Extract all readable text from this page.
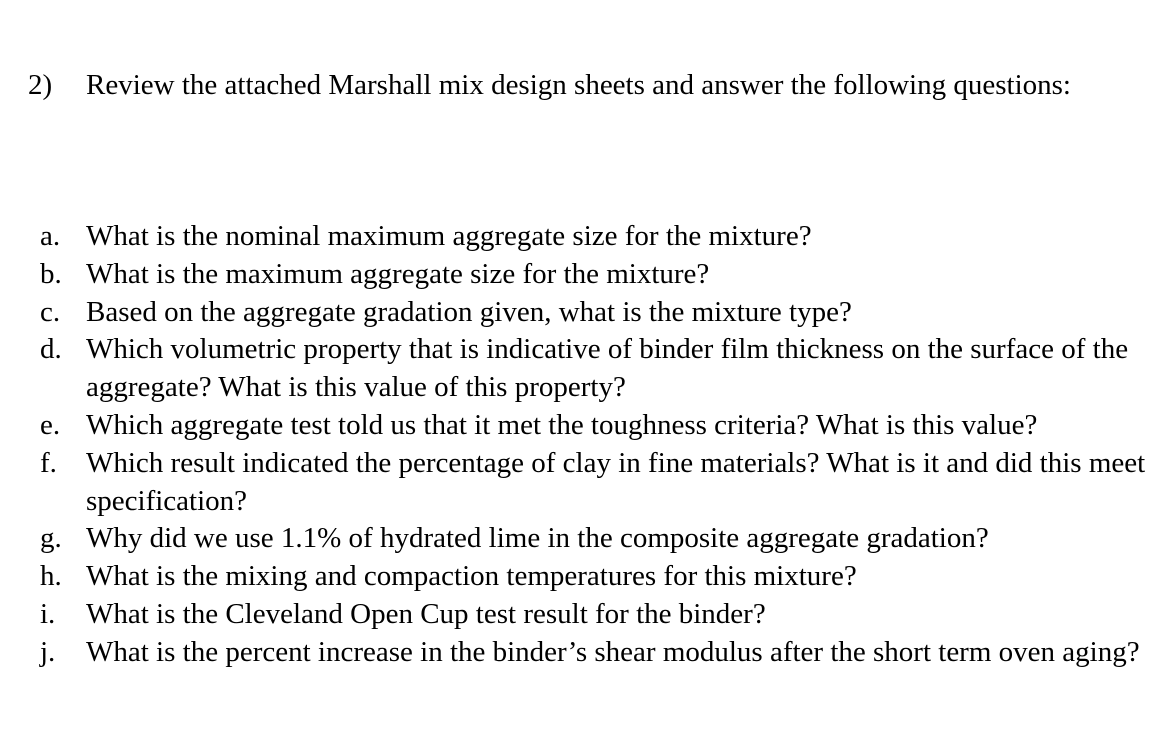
2) Review the attached Marshall mix design sheets and answer the following questions:
a. What is the nominal maximum aggregate size for the mixture?
b. What is the maximum aggregate size for the mixture?
c. Based on the aggregate gradation given, what is the mixture type?
d. Which volumetric property that is indicative of binder film thickness on the surface of the aggregate? What is this value of this property?
e. Which aggregate test told us that it met the toughness criteria? What is this value?
f. Which result indicated the percentage of clay in fine materials? What is it and did this meet specification?
g. Why did we use 1.1% of hydrated lime in the composite aggregate gradation?
h. What is the mixing and compaction temperatures for this mixture?
i. What is the Cleveland Open Cup test result for the binder?
j. What is the percent increase in the binder’s shear modulus after the short term oven aging?
